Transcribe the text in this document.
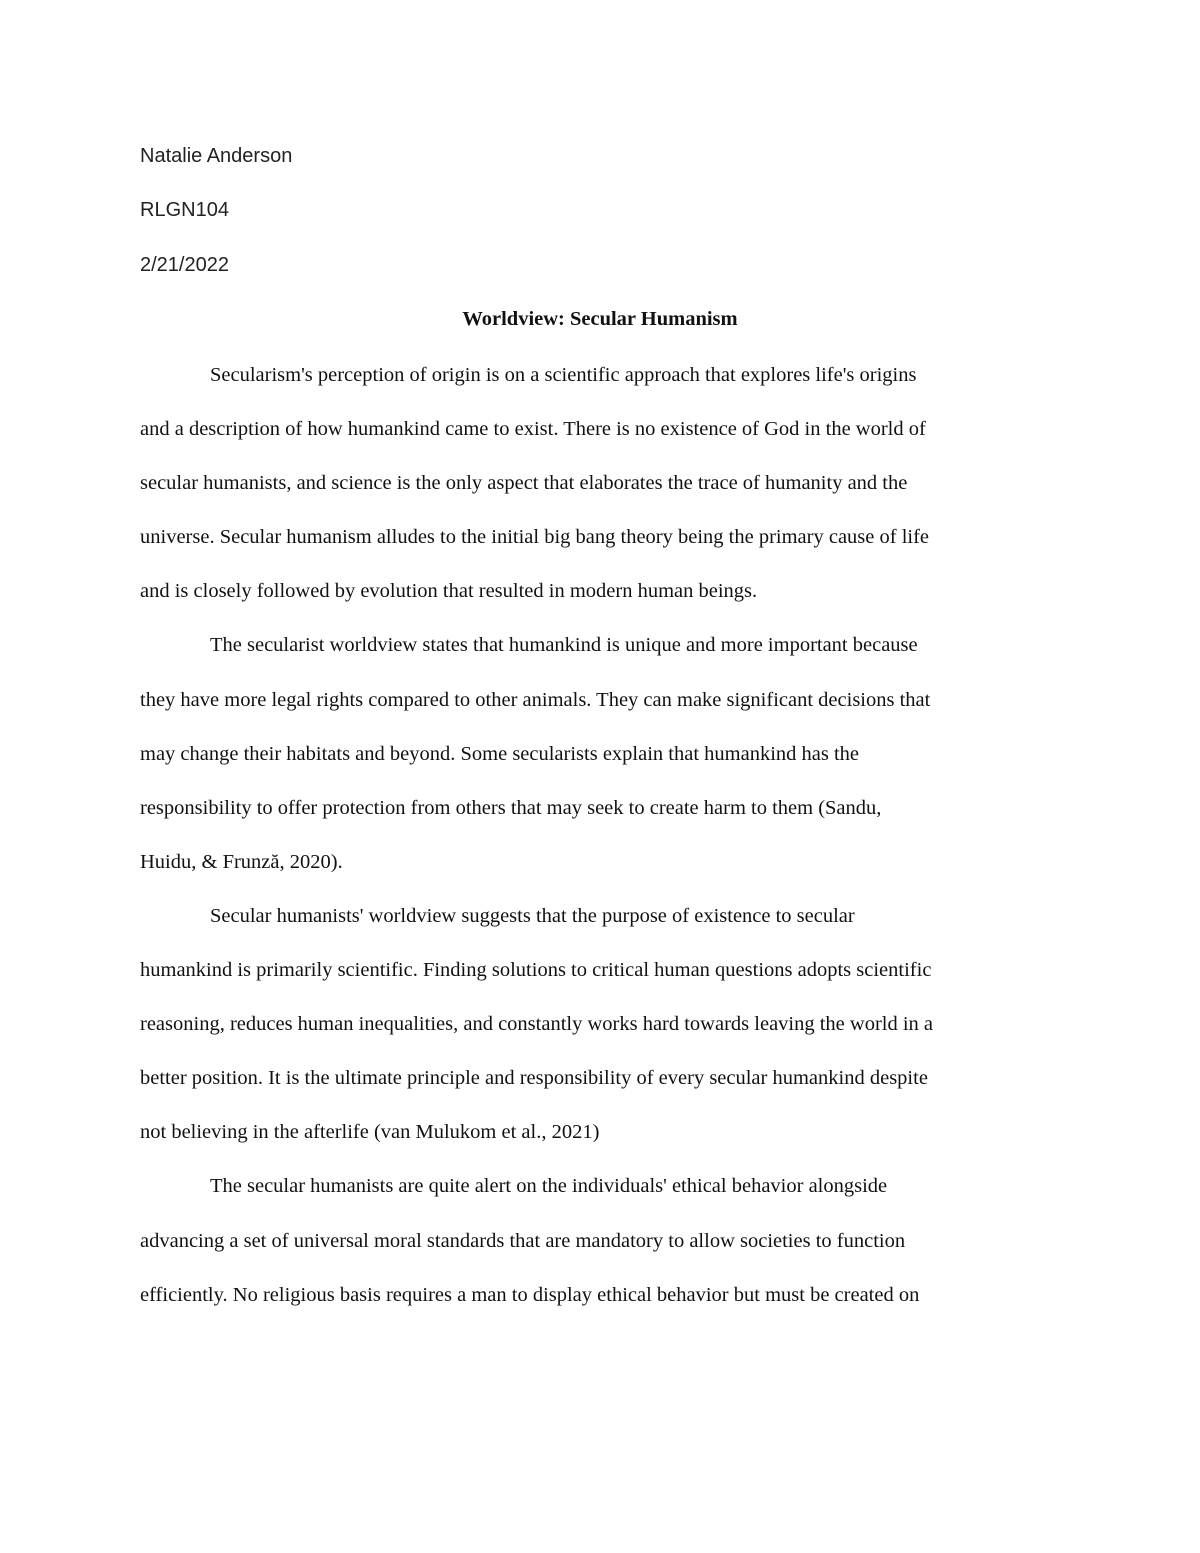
Natalie Anderson
RLGN104
2/21/2022
Worldview: Secular Humanism
Secularism's perception of origin is on a scientific approach that explores life's origins
and a description of how humankind came to exist. There is no existence of God in the world of
secular humanists, and science is the only aspect that elaborates the trace of humanity and the
universe. Secular humanism alludes to the initial big bang theory being the primary cause of life
and is closely followed by evolution that resulted in modern human beings.
The secularist worldview states that humankind is unique and more important because
they have more legal rights compared to other animals. They can make significant decisions that
may change their habitats and beyond. Some secularists explain that humankind has the
responsibility to offer protection from others that may seek to create harm to them (Sandu,
Huidu, & Frunză, 2020).
Secular humanists' worldview suggests that the purpose of existence to secular
humankind is primarily scientific. Finding solutions to critical human questions adopts scientific
reasoning, reduces human inequalities, and constantly works hard towards leaving the world in a
better position. It is the ultimate principle and responsibility of every secular humankind despite
not believing in the afterlife (van Mulukom et al., 2021)
The secular humanists are quite alert on the individuals' ethical behavior alongside
advancing a set of universal moral standards that are mandatory to allow societies to function
efficiently. No religious basis requires a man to display ethical behavior but must be created on
